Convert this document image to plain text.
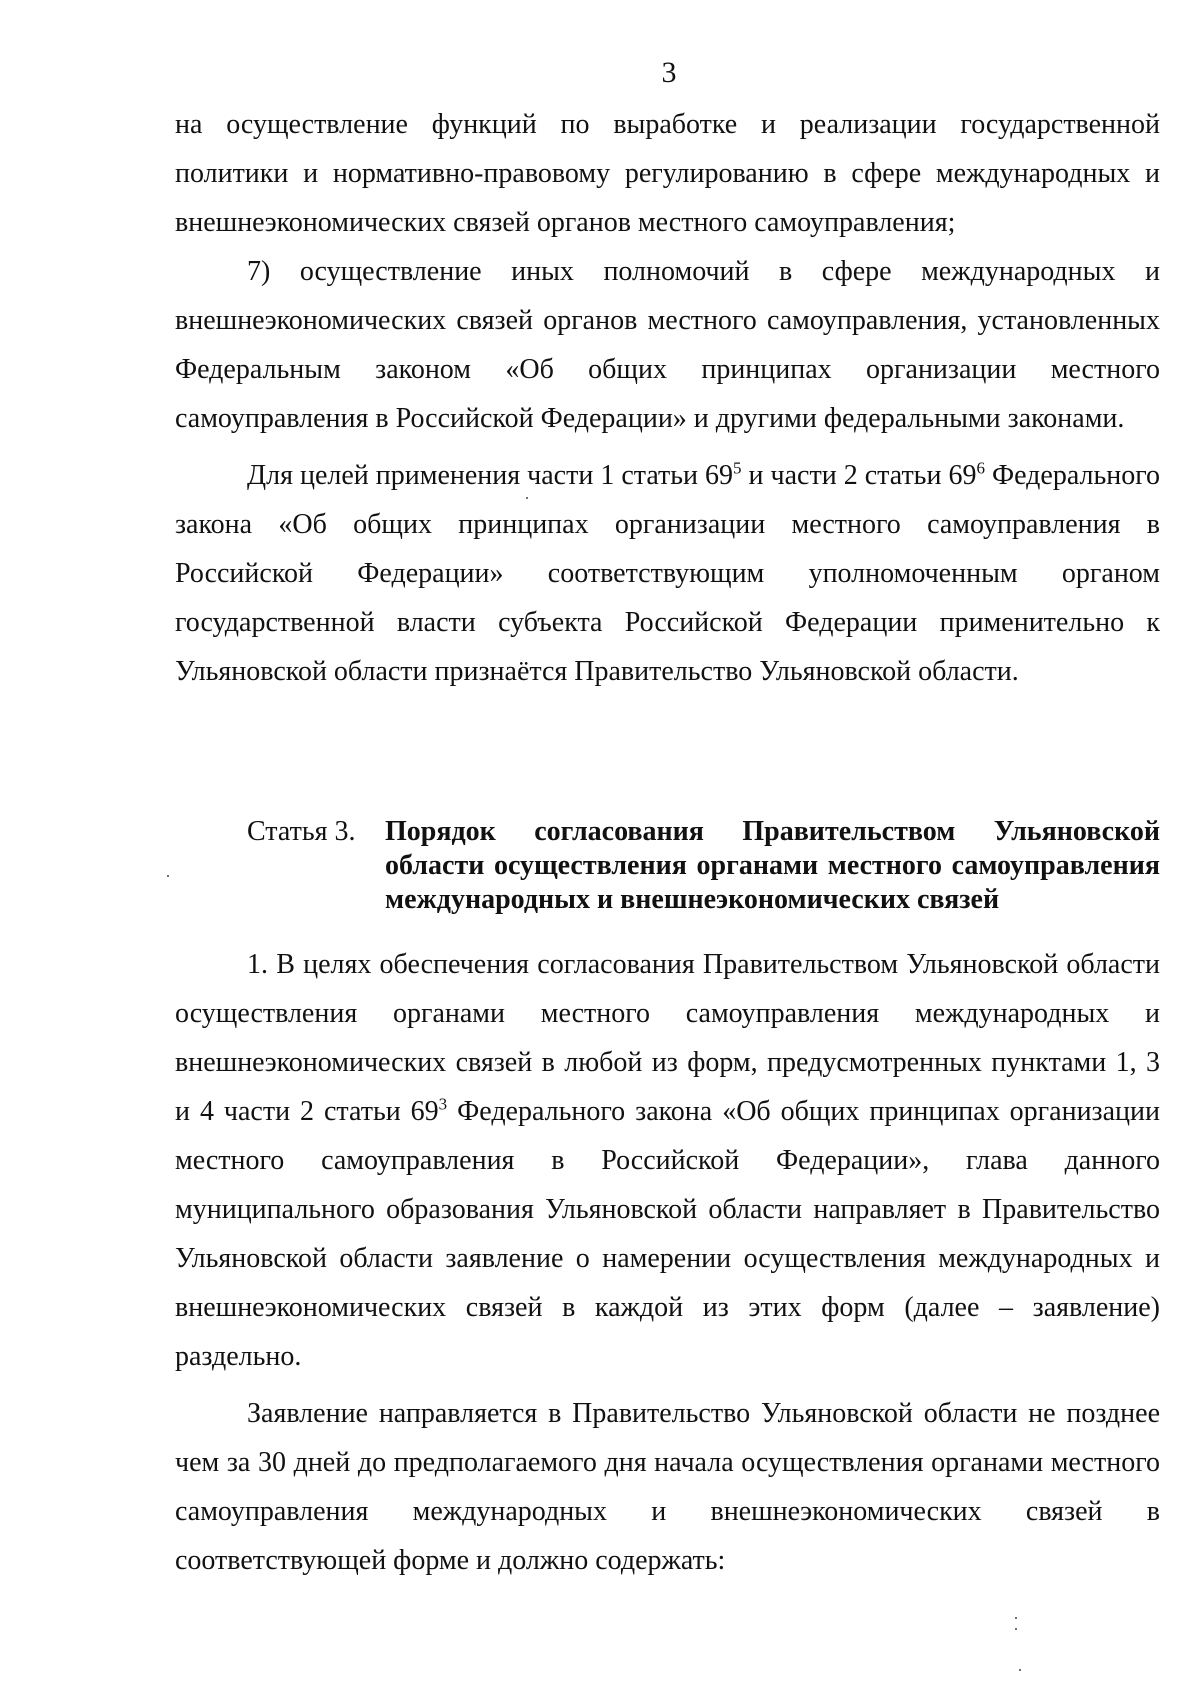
3

на осуществление функций по выработке и реализации государственной политики и нормативно-правовому регулированию в сфере международных и внешнеэкономических связей органов местного самоуправления;

7) осуществление иных полномочий в сфере международных и внешнеэкономических связей органов местного самоуправления, установленных Федеральным законом «Об общих принципах организации местного самоуправления в Российской Федерации» и другими федеральными законами.

Для целей применения части 1 статьи $69^5$ и части 2 статьи $69^6$ Федерального закона «Об общих принципах организации местного самоуправления в Российской Федерации» соответствующим уполномоченным органом государственной власти субъекта Российской Федерации применительно к Ульяновской области признаётся Правительство Ульяновской области.

Статья 3. Порядок согласования Правительством Ульяновской области осуществления органами местного самоуправления международных и внешнеэкономических связей

1. В целях обеспечения согласования Правительством Ульяновской области осуществления органами местного самоуправления международных и внешнеэкономических связей в любой из форм, предусмотренных пунктами 1, 3 и 4 части 2 статьи $69^3$ Федерального закона «Об общих принципах организации местного самоуправления в Российской Федерации», глава данного муниципального образования Ульяновской области направляет в Правительство Ульяновской области заявление о намерении осуществления международных и внешнеэкономических связей в каждой из этих форм (далее – заявление) раздельно.

Заявление направляется в Правительство Ульяновской области не позднее чем за 30 дней до предполагаемого дня начала осуществления органами местного самоуправления международных и внешнеэкономических связей в соответствующей форме и должно содержать:
